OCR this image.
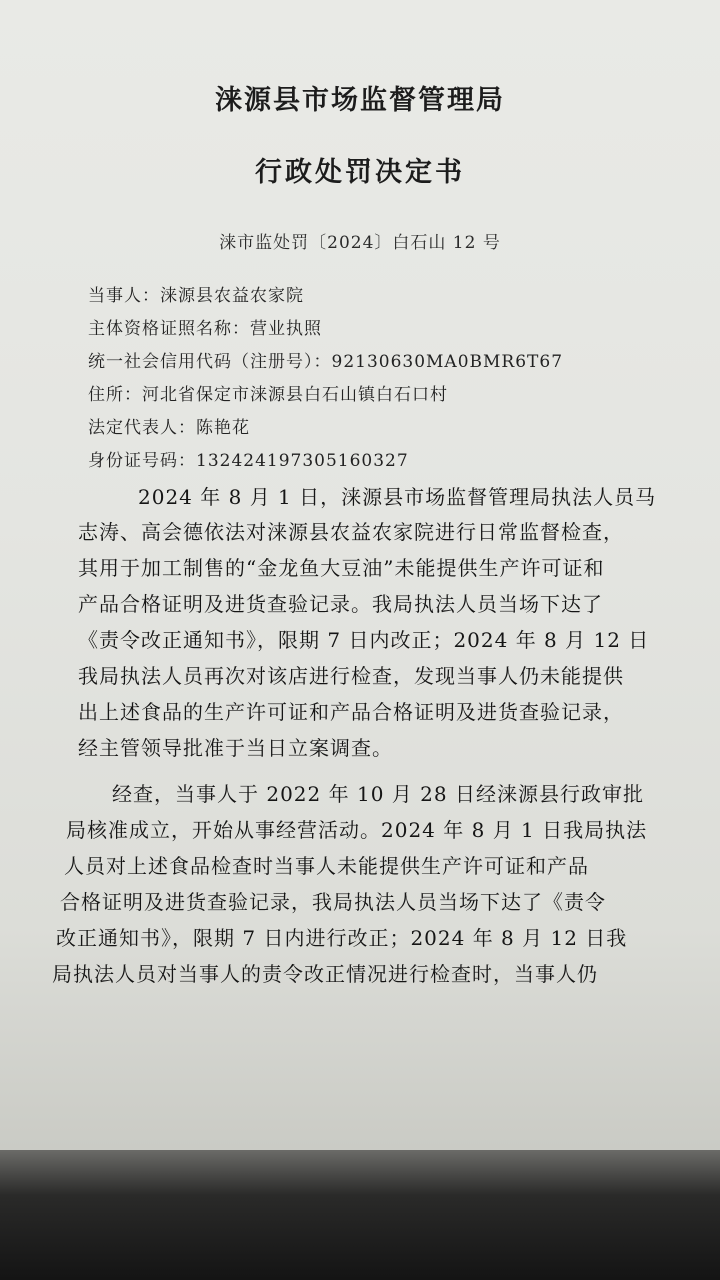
涞源县市场监督管理局
行政处罚决定书
涞市监处罚〔2024〕白石山 12 号
当事人：涞源县农益农家院
主体资格证照名称：营业执照
统一社会信用代码（注册号）：92130630MA0BMR6T67
住所：河北省保定市涞源县白石山镇白石口村
法定代表人：陈艳花
身份证号码：132424197305160327
2024 年 8 月 1 日，涞源县市场监督管理局执法人员马
志涛、高会德依法对涞源县农益农家院进行日常监督检查，
其用于加工制售的“金龙鱼大豆油”未能提供生产许可证和
产品合格证明及进货查验记录。我局执法人员当场下达了
《责令改正通知书》，限期 7 日内改正；2024 年 8 月 12 日
我局执法人员再次对该店进行检查，发现当事人仍未能提供
出上述食品的生产许可证和产品合格证明及进货查验记录，
经主管领导批准于当日立案调查。
经查，当事人于 2022 年 10 月 28 日经涞源县行政审批
局核准成立，开始从事经营活动。2024 年 8 月 1 日我局执法
人员对上述食品检查时当事人未能提供生产许可证和产品
合格证明及进货查验记录，我局执法人员当场下达了《责令
改正通知书》，限期 7 日内进行改正；2024 年 8 月 12 日我
局执法人员对当事人的责令改正情况进行检查时，当事人仍
